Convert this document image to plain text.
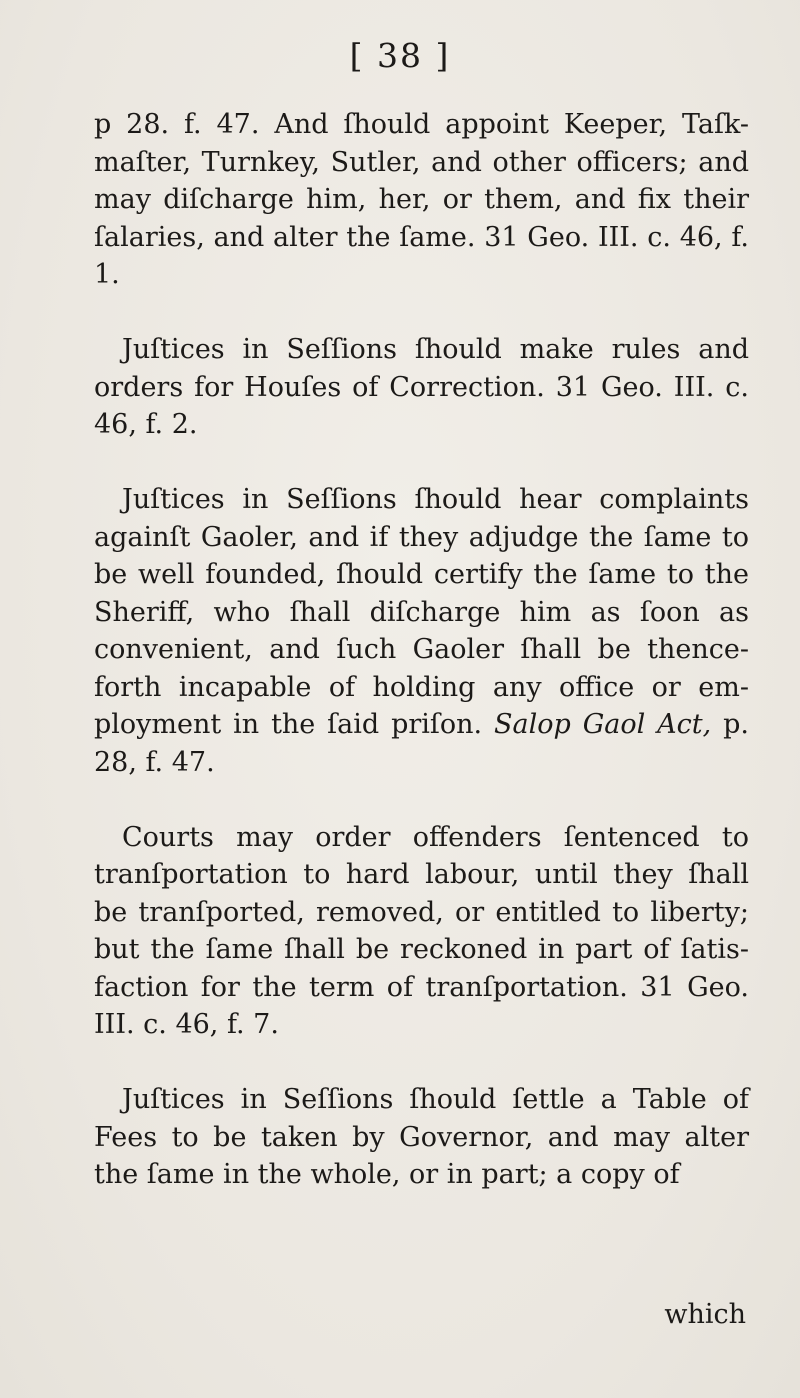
[ 38 ]

p 28. f. 47. And ſhould appoint Keeper, Taſk-maſter, Turnkey, Sutler, and other officers; and may diſcharge him, her, or them, and fix their ſalaries, and alter the ſame. 31 Geo. III. c. 46, f. 1.

Juſtices in Seſſions ſhould make rules and orders for Houſes of Correction. 31 Geo. III. c. 46, f. 2.

Juſtices in Seſſions ſhould hear complaints againſt Gaoler, and if they adjudge the ſame to be well founded, ſhould certify the ſame to the Sheriff, who ſhall diſcharge him as ſoon as convenient, and ſuch Gaoler ſhall be thence-forth incapable of holding any office or em-ployment in the ſaid priſon. Salop Gaol Act, p. 28, f. 47.

Courts may order offenders ſentenced to tranſportation to hard labour, until they ſhall be tranſported, removed, or entitled to liberty; but the ſame ſhall be reckoned in part of ſatis-faction for the term of tranſportation. 31 Geo. III. c. 46, f. 7.

Juſtices in Seſſions ſhould ſettle a Table of Fees to be taken by Governor, and may alter the ſame in the whole, or in part; a copy of

which
